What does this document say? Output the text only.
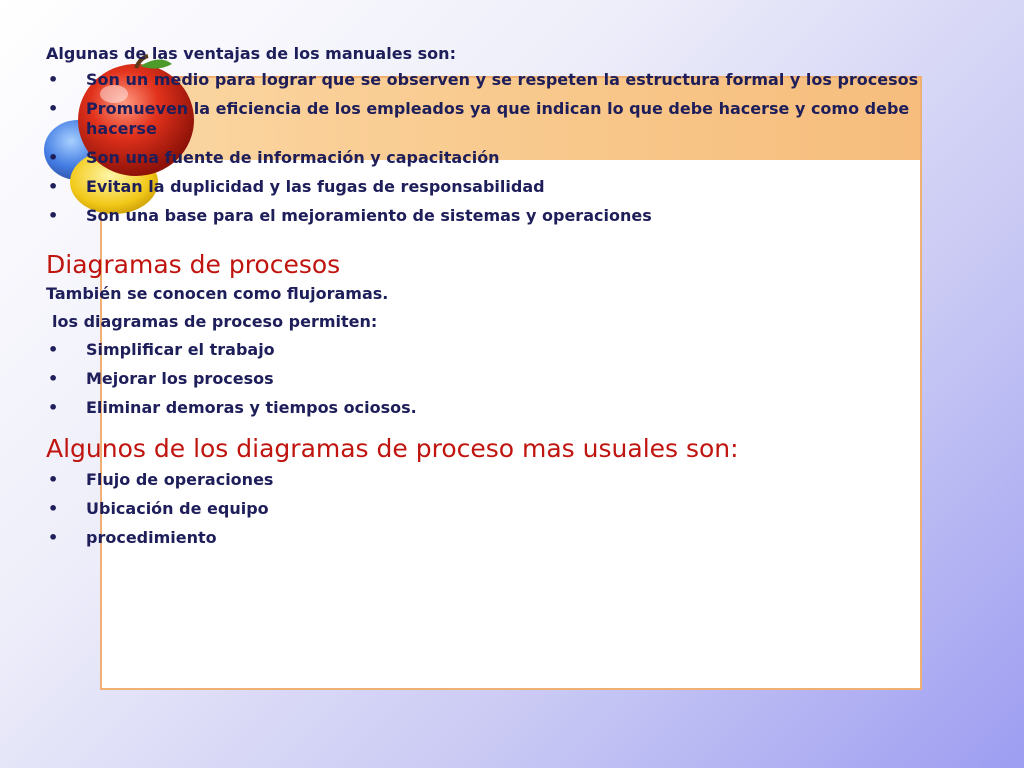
Algunas de las ventajas de los manuales son:

• Son un medio para lograr que se observen y se respeten la estructura formal y los procesos
• Promueven la eficiencia de los empleados ya que indican lo que debe hacerse y como debe hacerse
• Son una fuente de información y capacitación
• Evitan la duplicidad y las fugas de responsabilidad
• Son una base para el mejoramiento de sistemas y operaciones
Diagramas de procesos

También se conocen como flujoramas.

los diagramas de proceso permiten:

• Simplificar el trabajo
• Mejorar los procesos
• Eliminar demoras y tiempos ociosos.
Algunos de los diagramas de proceso mas usuales son:
• Flujo de operaciones
• Ubicación de equipo
• procedimiento
